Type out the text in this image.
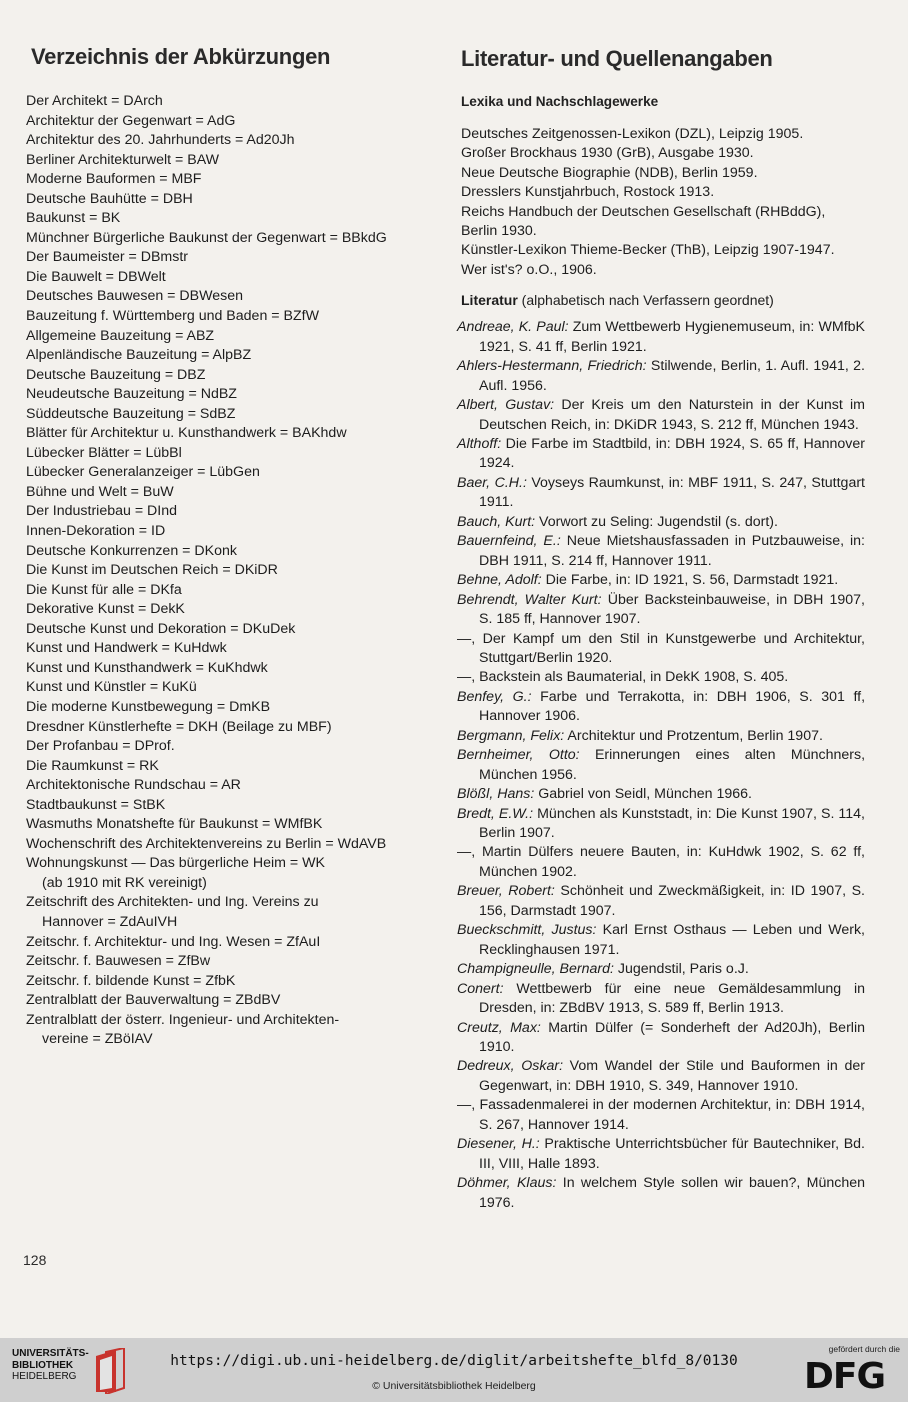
Verzeichnis der Abkürzungen
Der Architekt = DArch
Architektur der Gegenwart = AdG
Architektur des 20. Jahrhunderts = Ad20Jh
Berliner Architekturwelt = BAW
Moderne Bauformen = MBF
Deutsche Bauhütte = DBH
Baukunst = BK
Münchner Bürgerliche Baukunst der Gegenwart = BBkdG
Der Baumeister = DBmstr
Die Bauwelt = DBWelt
Deutsches Bauwesen = DBWesen
Bauzeitung f. Württemberg und Baden = BZfW
Allgemeine Bauzeitung = ABZ
Alpenländische Bauzeitung = AlpBZ
Deutsche Bauzeitung = DBZ
Neudeutsche Bauzeitung = NdBZ
Süddeutsche Bauzeitung = SdBZ
Blätter für Architektur u. Kunsthandwerk = BAKhdw
Lübecker Blätter = LübBl
Lübecker Generalanzeiger = LübGen
Bühne und Welt = BuW
Der Industriebau = DInd
Innen-Dekoration = ID
Deutsche Konkurrenzen = DKonk
Die Kunst im Deutschen Reich = DKiDR
Die Kunst für alle = DKfa
Dekorative Kunst = DekK
Deutsche Kunst und Dekoration = DKuDek
Kunst und Handwerk = KuHdwk
Kunst und Kunsthandwerk = KuKhdwk
Kunst und Künstler = KuKü
Die moderne Kunstbewegung = DmKB
Dresdner Künstlerhefte = DKH (Beilage zu MBF)
Der Profanbau = DProf.
Die Raumkunst = RK
Architektonische Rundschau = AR
Stadtbaukunst = StBK
Wasmuths Monatshefte für Baukunst = WMfBK
Wochenschrift des Architektenvereins zu Berlin = WdAVB
Wohnungskunst — Das bürgerliche Heim = WK
(ab 1910 mit RK vereinigt)
Zeitschrift des Architekten- und Ing. Vereins zu
Hannover = ZdAuIVH
Zeitschr. f. Architektur- und Ing. Wesen = ZfAuI
Zeitschr. f. Bauwesen = ZfBw
Zeitschr. f. bildende Kunst = ZfbK
Zentralblatt der Bauverwaltung = ZBdBV
Zentralblatt der österr. Ingenieur- und Architekten-
vereine = ZBöIAV
Literatur- und Quellenangaben
Lexika und Nachschlagewerke
Deutsches Zeitgenossen-Lexikon (DZL), Leipzig 1905.
Großer Brockhaus 1930 (GrB), Ausgabe 1930.
Neue Deutsche Biographie (NDB), Berlin 1959.
Dresslers Kunstjahrbuch, Rostock 1913.
Reichs Handbuch der Deutschen Gesellschaft (RHBddG),
Berlin 1930.
Künstler-Lexikon Thieme-Becker (ThB), Leipzig 1907-1947.
Wer ist's? o.O., 1906.
Literatur (alphabetisch nach Verfassern geordnet)
Andreae, K. Paul: Zum Wettbewerb Hygienemuseum, in: WMfbK 1921, S. 41 ff, Berlin 1921.
Ahlers-Hestermann, Friedrich: Stilwende, Berlin, 1. Aufl. 1941, 2. Aufl. 1956.
Albert, Gustav: Der Kreis um den Naturstein in der Kunst im Deutschen Reich, in: DKiDR 1943, S. 212 ff, München 1943.
Althoff: Die Farbe im Stadtbild, in: DBH 1924, S. 65 ff, Hannover 1924.
Baer, C.H.: Voyseys Raumkunst, in: MBF 1911, S. 247, Stuttgart 1911.
Bauch, Kurt: Vorwort zu Seling: Jugendstil (s. dort).
Bauernfeind, E.: Neue Mietshausfassaden in Putzbauweise, in: DBH 1911, S. 214 ff, Hannover 1911.
Behne, Adolf: Die Farbe, in: ID 1921, S. 56, Darmstadt 1921.
Behrendt, Walter Kurt: Über Backsteinbauweise, in DBH 1907, S. 185 ff, Hannover 1907.
—, Der Kampf um den Stil in Kunstgewerbe und Architektur, Stuttgart/Berlin 1920.
—, Backstein als Baumaterial, in DekK 1908, S. 405.
Benfey, G.: Farbe und Terrakotta, in: DBH 1906, S. 301 ff, Hannover 1906.
Bergmann, Felix: Architektur und Protzentum, Berlin 1907.
Bernheimer, Otto: Erinnerungen eines alten Münchners, München 1956.
Blößl, Hans: Gabriel von Seidl, München 1966.
Bredt, E.W.: München als Kunststadt, in: Die Kunst 1907, S. 114, Berlin 1907.
—, Martin Dülfers neuere Bauten, in: KuHdwk 1902, S. 62 ff, München 1902.
Breuer, Robert: Schönheit und Zweckmäßigkeit, in: ID 1907, S. 156, Darmstadt 1907.
Bueckschmitt, Justus: Karl Ernst Osthaus — Leben und Werk, Recklinghausen 1971.
Champigneulle, Bernard: Jugendstil, Paris o.J.
Conert: Wettbewerb für eine neue Gemäldesammlung in Dresden, in: ZBdBV 1913, S. 589 ff, Berlin 1913.
Creutz, Max: Martin Dülfer (= Sonderheft der Ad20Jh), Berlin 1910.
Dedreux, Oskar: Vom Wandel der Stile und Bauformen in der Gegenwart, in: DBH 1910, S. 349, Hannover 1910.
—, Fassadenmalerei in der modernen Architektur, in: DBH 1914, S. 267, Hannover 1914.
Diesener, H.: Praktische Unterrichtsbücher für Bautechniker, Bd. III, VIII, Halle 1893.
Döhmer, Klaus: In welchem Style sollen wir bauen?, München 1976.
128
UNIVERSITÄTS-
BIBLIOTHEK
HEIDELBERG
https://digi.ub.uni-heidelberg.de/diglit/arbeitshefte_blfd_8/0130
© Universitätsbibliothek Heidelberg
gefördert durch die
DFG
